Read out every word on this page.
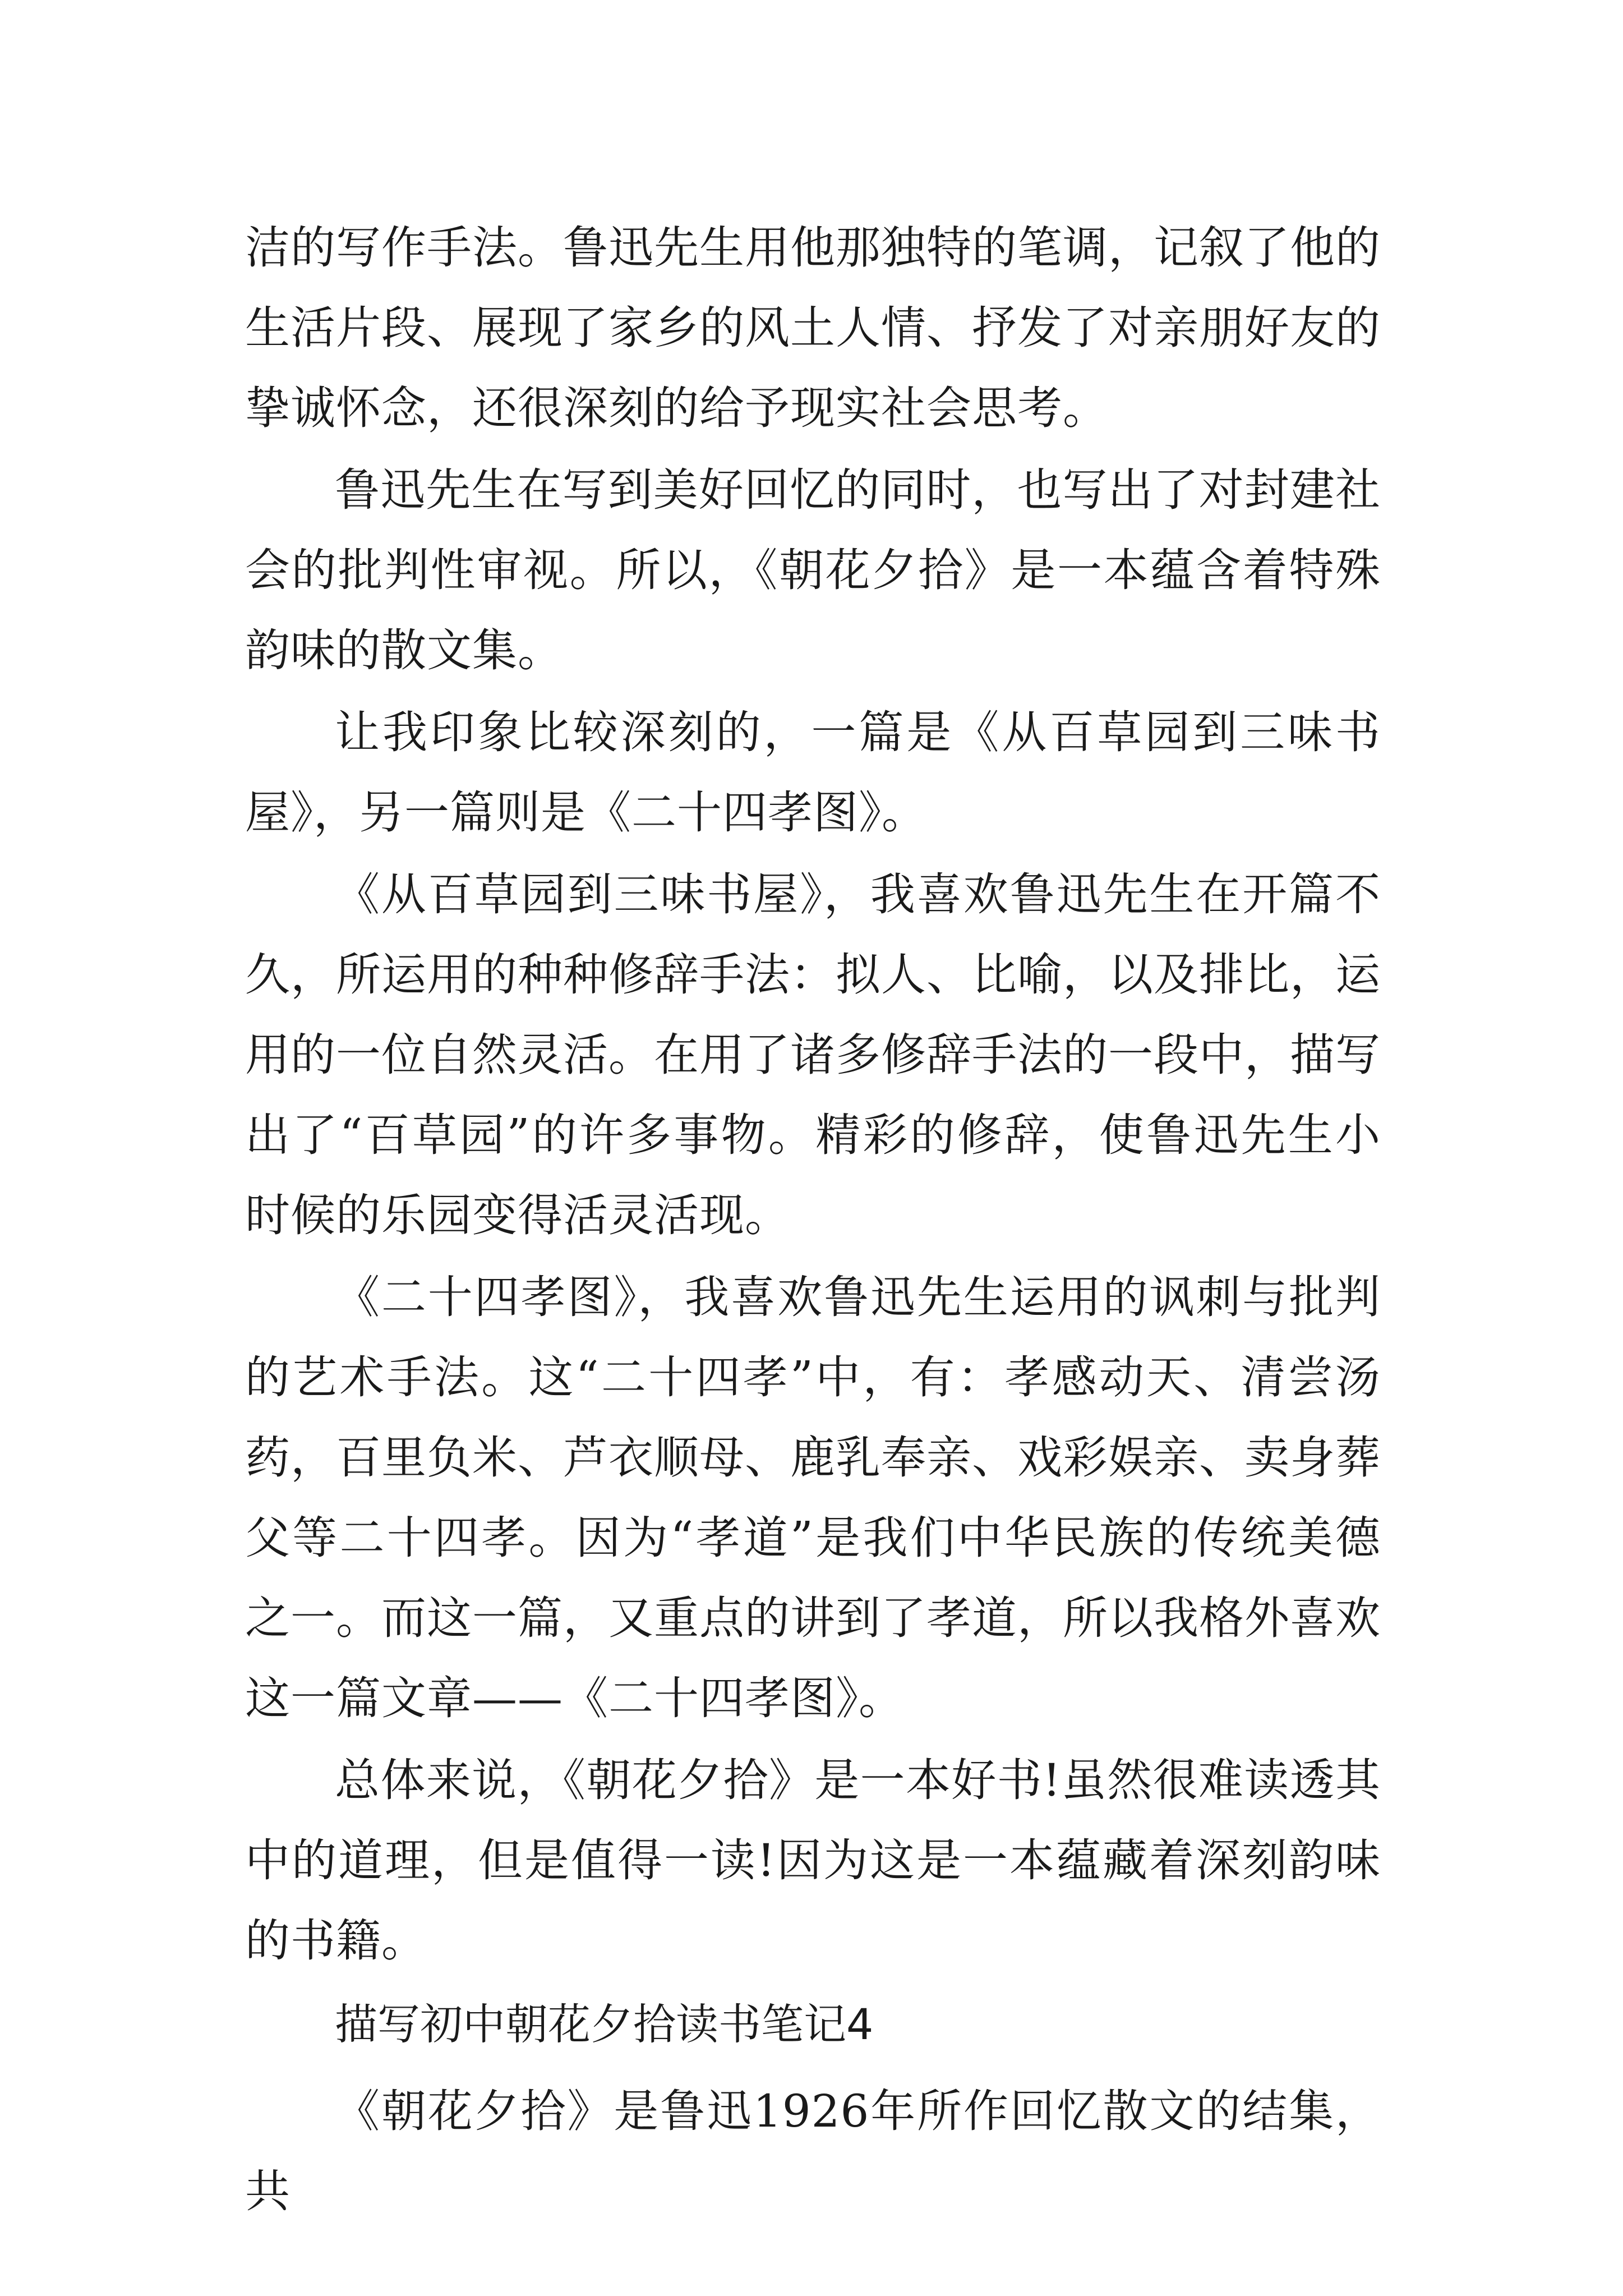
洁的写作手法。鲁迅先生用他那独特的笔调，记叙了他的生活片段、展现了家乡的风土人情、抒发了对亲朋好友的挚诚怀念，还很深刻的给予现实社会思考。

鲁迅先生在写到美好回忆的同时，也写出了对封建社会的批判性审视。所以，《朝花夕拾》是一本蕴含着特殊韵味的散文集。

让我印象比较深刻的，一篇是《从百草园到三味书屋》，另一篇则是《二十四孝图》。

《从百草园到三味书屋》，我喜欢鲁迅先生在开篇不久，所运用的种种修辞手法：拟人、比喻，以及排比，运用的一位自然灵活。在用了诸多修辞手法的一段中，描写出了“百草园”的许多事物。精彩的修辞，使鲁迅先生小时候的乐园变得活灵活现。

《二十四孝图》，我喜欢鲁迅先生运用的讽刺与批判的艺术手法。这“二十四孝”中，有：孝感动天、清尝汤药，百里负米、芦衣顺母、鹿乳奉亲、戏彩娱亲、卖身葬父等二十四孝。因为“孝道”是我们中华民族的传统美德之一。而这一篇，又重点的讲到了孝道，所以我格外喜欢这一篇文章——《二十四孝图》。

总体来说，《朝花夕拾》是一本好书!虽然很难读透其中的道理，但是值得一读!因为这是一本蕴藏着深刻韵味的书籍。

描写初中朝花夕拾读书笔记4

《朝花夕拾》是鲁迅1926年所作回忆散文的结集，共
